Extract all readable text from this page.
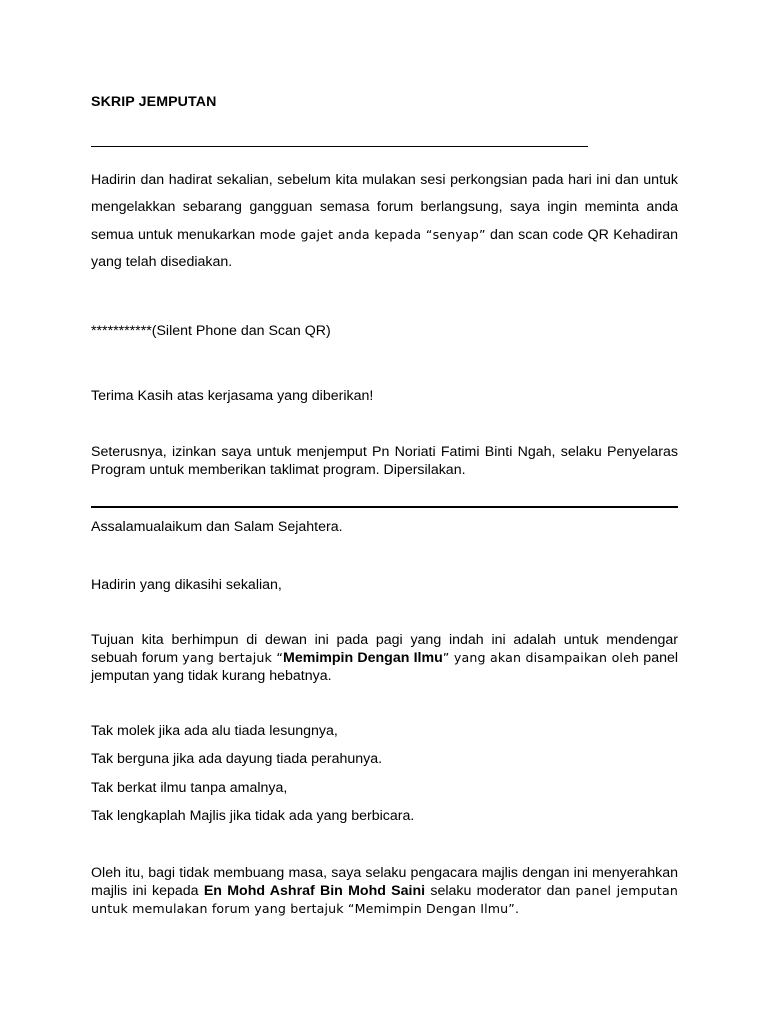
SKRIP JEMPUTAN

Hadirin dan hadirat sekalian, sebelum kita mulakan sesi perkongsian pada hari ini dan untuk mengelakkan sebarang gangguan semasa forum berlangsung, saya ingin meminta anda semua untuk menukarkan mode gajet anda kepada “senyap” dan scan code QR Kehadiran yang telah disediakan.

***********(Silent Phone dan Scan QR)

Terima Kasih atas kerjasama yang diberikan!

Seterusnya, izinkan saya untuk menjemput Pn Noriati Fatimi Binti Ngah, selaku Penyelaras Program untuk memberikan taklimat program. Dipersilakan.

Assalamualaikum dan Salam Sejahtera.

Hadirin yang dikasihi sekalian,

Tujuan kita berhimpun di dewan ini pada pagi yang indah ini adalah untuk mendengar sebuah forum yang bertajuk “Memimpin Dengan Ilmu” yang akan disampaikan oleh panel jemputan yang tidak kurang hebatnya.

Tak molek jika ada alu tiada lesungnya,

Tak berguna jika ada dayung tiada perahunya.

Tak berkat ilmu tanpa amalnya,

Tak lengkaplah Majlis jika tidak ada yang berbicara.

Oleh itu, bagi tidak membuang masa, saya selaku pengacara majlis dengan ini menyerahkan majlis ini kepada En Mohd Ashraf Bin Mohd Saini selaku moderator dan panel jemputan untuk memulakan forum yang bertajuk “Memimpin Dengan Ilmu”.
